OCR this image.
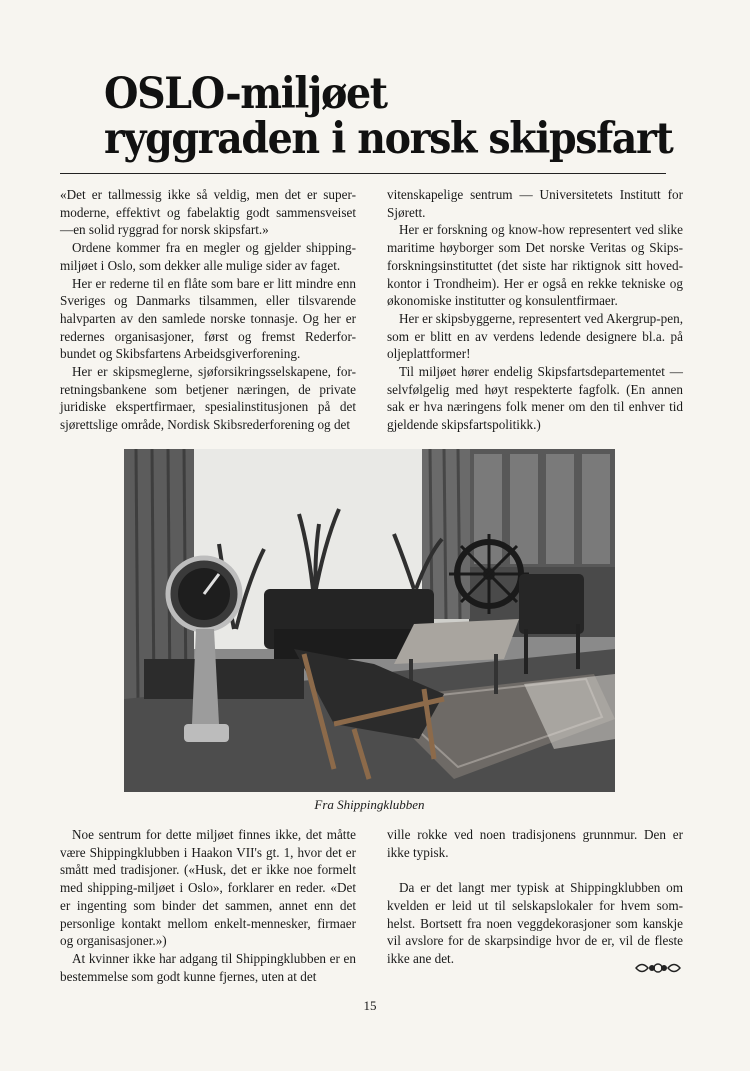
OSLO-miljøet
ryggraden i norsk skipsfart

«Det er tallmessig ikke så veldig, men det er super-moderne, effektivt og fabelaktig godt sammensveiset —en solid ryggrad for norsk skipsfart.»

Ordene kommer fra en megler og gjelder shipping-miljøet i Oslo, som dekker alle mulige sider av faget.

Her er rederne til en flåte som bare er litt mindre enn Sveriges og Danmarks tilsammen, eller tilsvarende halvparten av den samlede norske tonnasje. Og her er redernes organisasjoner, først og fremst Rederfor-bundet og Skibsfartens Arbeidsgiverforening.

Her er skipsmeglerne, sjøforsikringsselskapene, for-retningsbankene som betjener næringen, de private juridiske ekspertfirmaer, spesialinstitusjonen på det sjørettslige område, Nordisk Skibsrederforening og det

vitenskapelige sentrum — Universitetets Institutt for Sjørett.

Her er forskning og know-how representert ved slike maritime høyborger som Det norske Veritas og Skips-forskningsinstituttet (det siste har riktignok sitt hoved-kontor i Trondheim). Her er også en rekke tekniske og økonomiske institutter og konsulentfirmaer.

Her er skipsbyggerne, representert ved Akergrup-pen, som er blitt en av verdens ledende designere bl.a. på oljeplattformer!

Til miljøet hører endelig Skipsfartsdepartementet — selvfølgelig med høyt respekterte fagfolk. (En annen sak er hva næringens folk mener om den til enhver tid gjeldende skipsfartspolitikk.)

Fra Shippingklubben

Noe sentrum for dette miljøet finnes ikke, det måtte være Shippingklubben i Haakon VII's gt. 1, hvor det er smått med tradisjoner. («Husk, det er ikke noe formelt med shipping-miljøet i Oslo», forklarer en reder. «Det er ingenting som binder det sammen, annet enn det personlige kontakt mellom enkelt-mennesker, firmaer og organisasjoner.»)

At kvinner ikke har adgang til Shippingklubben er en bestemmelse som godt kunne fjernes, uten at det

ville rokke ved noen tradisjonens grunnmur. Den er ikke typisk.

Da er det langt mer typisk at Shippingklubben om kvelden er leid ut til selskapslokaler for hvem som-helst. Bortsett fra noen veggdekorasjoner som kanskje vil avslore for de skarpsindige hvor de er, vil de fleste ikke ane det.

15
